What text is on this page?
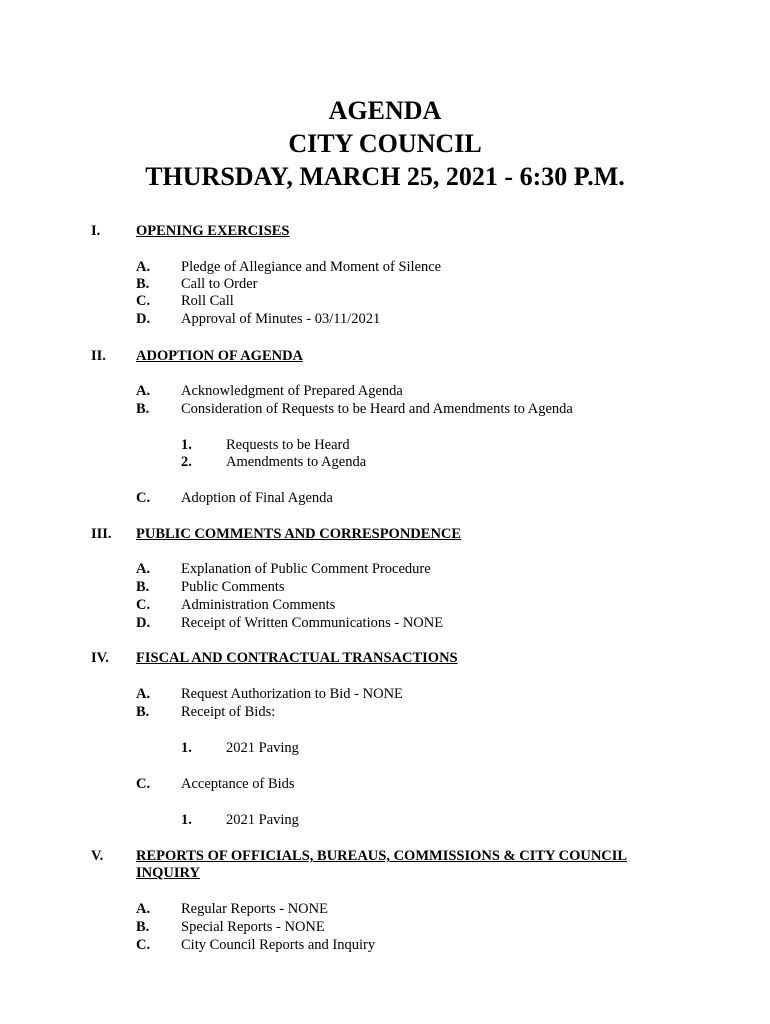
AGENDA
CITY COUNCIL
THURSDAY, MARCH 25, 2021 - 6:30 P.M.
I. OPENING EXERCISES
A. Pledge of Allegiance and Moment of Silence
B. Call to Order
C. Roll Call
D. Approval of Minutes - 03/11/2021
II. ADOPTION OF AGENDA
A. Acknowledgment of Prepared Agenda
B. Consideration of Requests to be Heard and Amendments to Agenda
1. Requests to be Heard
2. Amendments to Agenda
C. Adoption of Final Agenda
III. PUBLIC COMMENTS AND CORRESPONDENCE
A. Explanation of Public Comment Procedure
B. Public Comments
C. Administration Comments
D. Receipt of Written Communications - NONE
IV. FISCAL AND CONTRACTUAL TRANSACTIONS
A. Request Authorization to Bid - NONE
B. Receipt of Bids:
1. 2021 Paving
C. Acceptance of Bids
1. 2021 Paving
V. REPORTS OF OFFICIALS, BUREAUS, COMMISSIONS & CITY COUNCIL
INQUIRY
A. Regular Reports - NONE
B. Special Reports - NONE
C. City Council Reports and Inquiry
